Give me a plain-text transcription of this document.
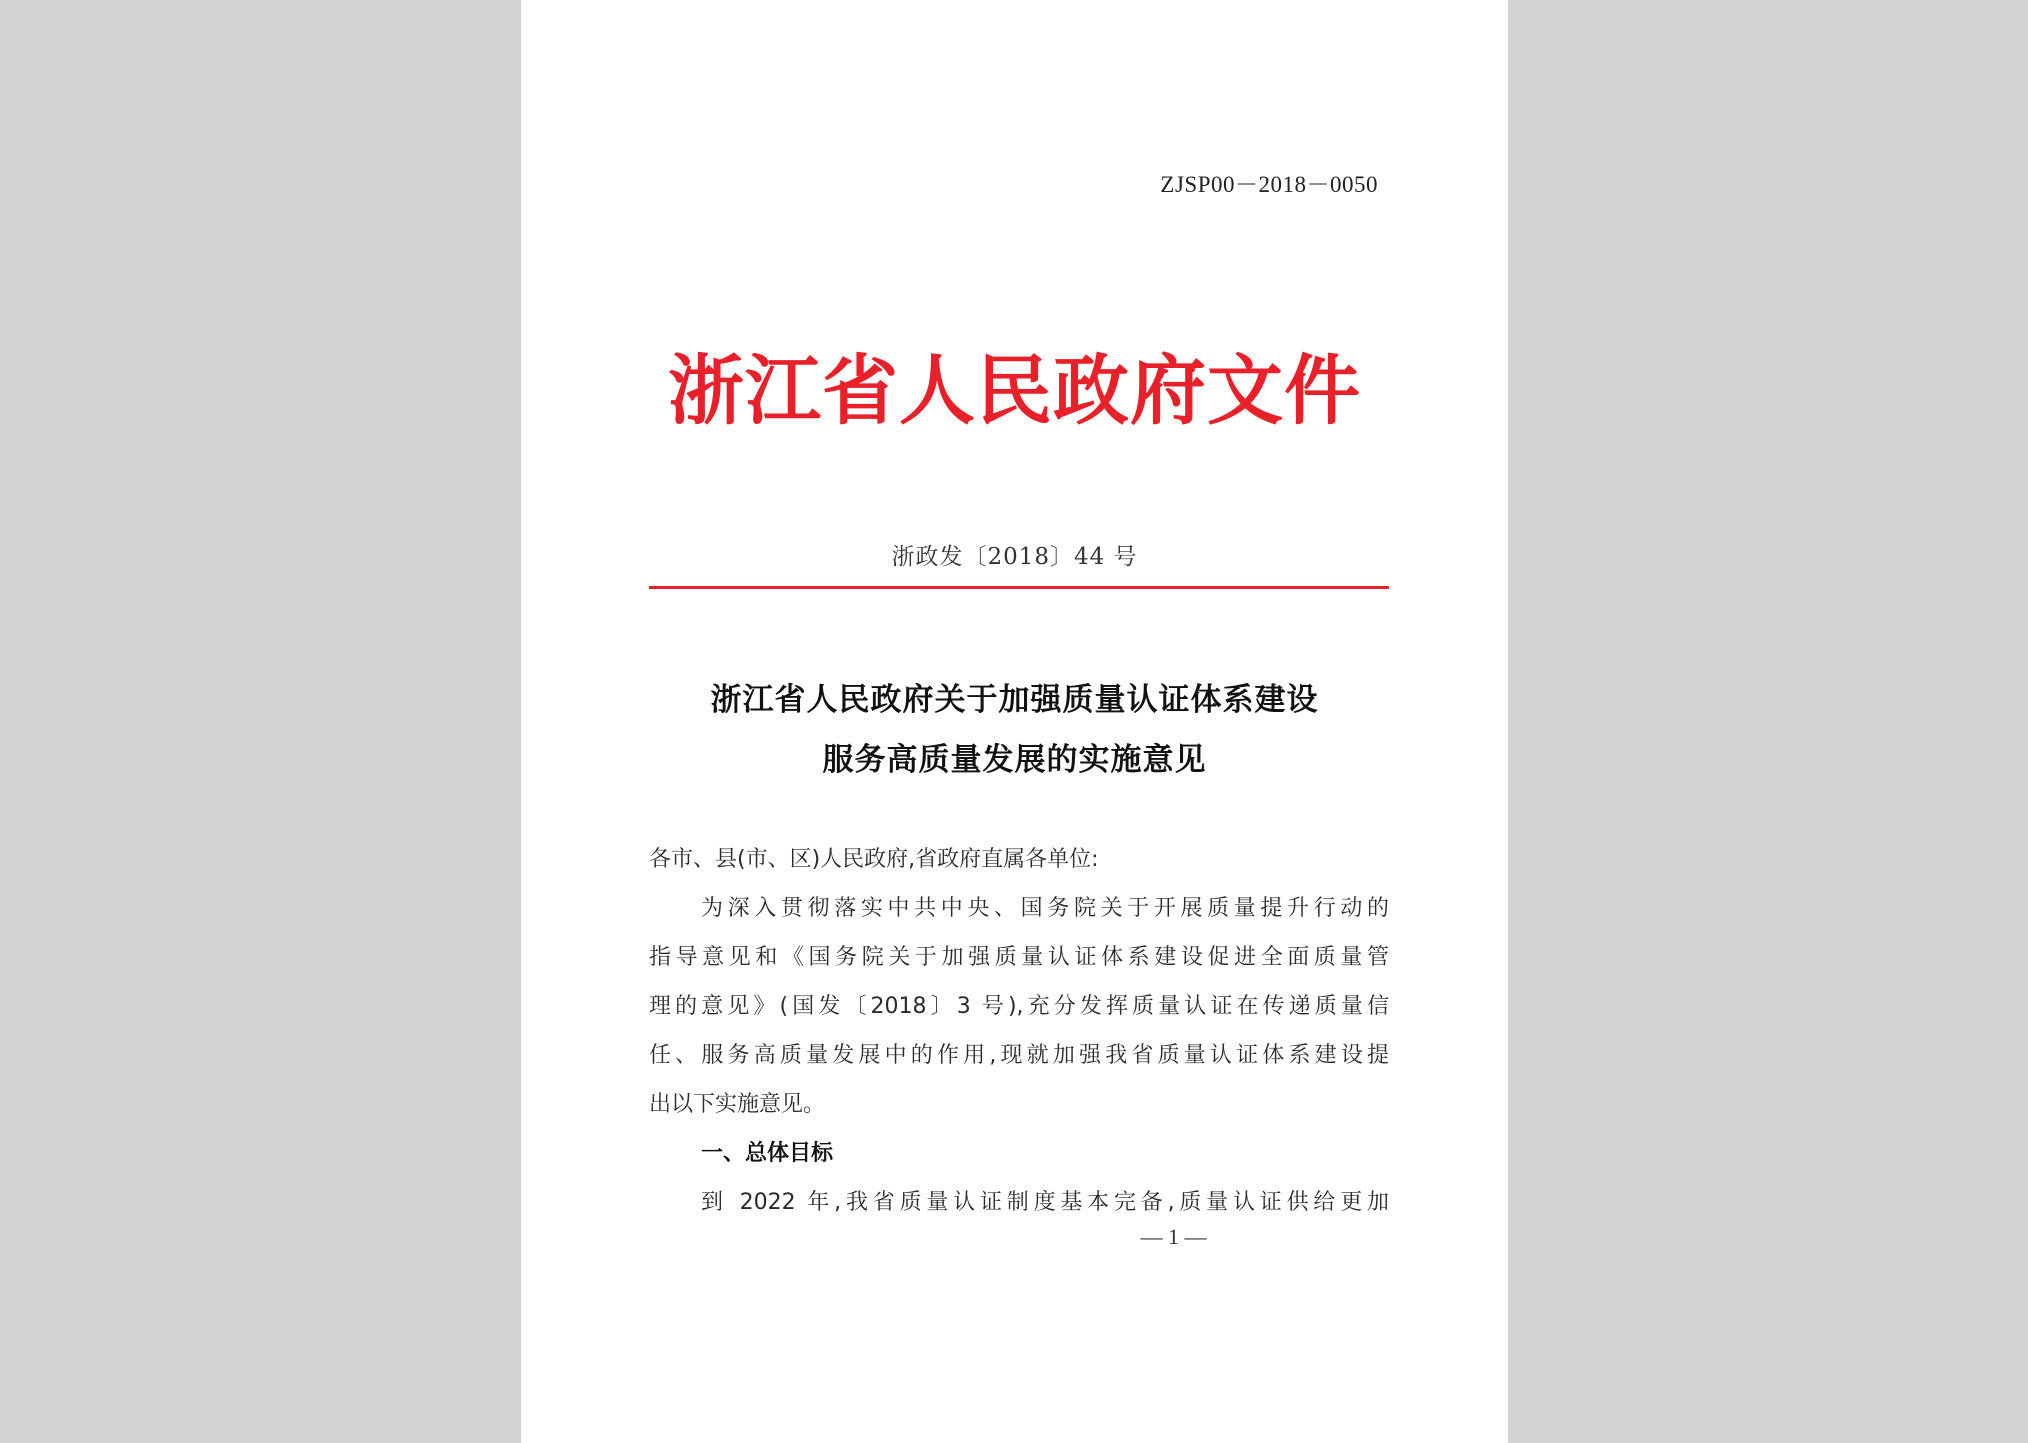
ZJSP00－2018－0050
浙江省人民政府文件
浙政发〔2018〕44 号
浙江省人民政府关于加强质量认证体系建设
服务高质量发展的实施意见
各市、县(市、区)人民政府,省政府直属各单位:
为深入贯彻落实中共中央、国务院关于开展质量提升行动的
指导意见和《国务院关于加强质量认证体系建设促进全面质量管
理的意见》(国发〔2018〕3 号),充分发挥质量认证在传递质量信
任、服务高质量发展中的作用,现就加强我省质量认证体系建设提
出以下实施意见。
一、总体目标
到 2022 年,我省质量认证制度基本完备,质量认证供给更加
— 1 —
